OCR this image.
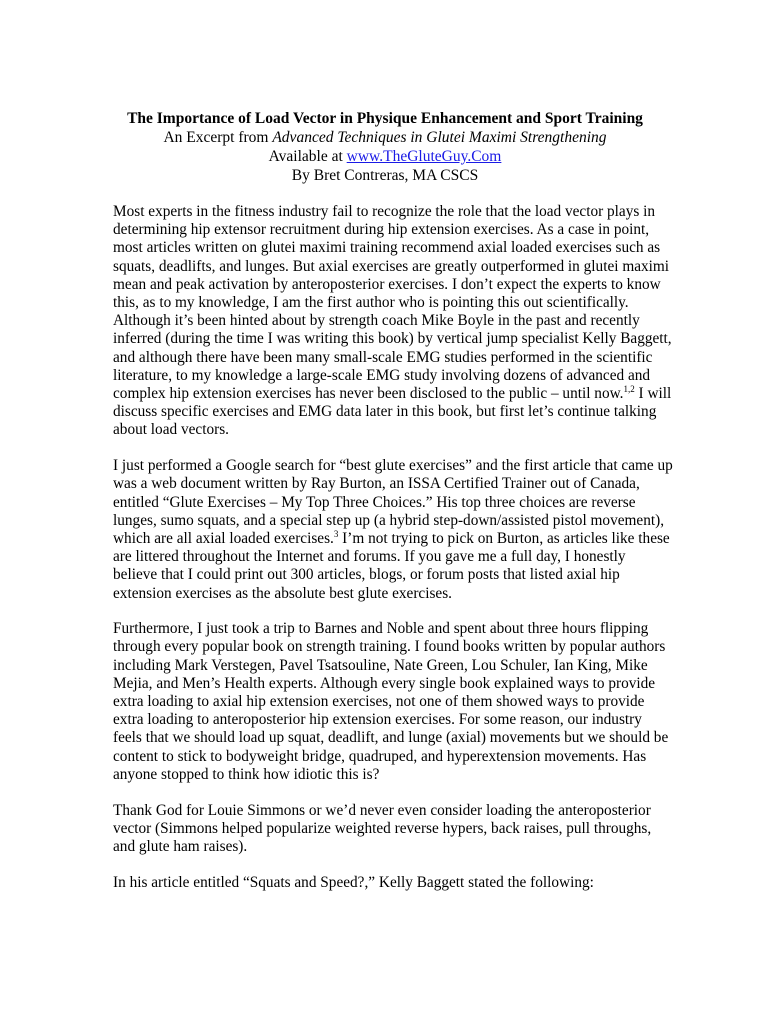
The Importance of Load Vector in Physique Enhancement and Sport Training
An Excerpt from Advanced Techniques in Glutei Maximi Strengthening
Available at www.TheGluteGuy.Com
By Bret Contreras, MA CSCS

Most experts in the fitness industry fail to recognize the role that the load vector plays in determining hip extensor recruitment during hip extension exercises. As a case in point, most articles written on glutei maximi training recommend axial loaded exercises such as squats, deadlifts, and lunges. But axial exercises are greatly outperformed in glutei maximi mean and peak activation by anteroposterior exercises. I don’t expect the experts to know this, as to my knowledge, I am the first author who is pointing this out scientifically. Although it’s been hinted about by strength coach Mike Boyle in the past and recently inferred (during the time I was writing this book) by vertical jump specialist Kelly Baggett, and although there have been many small-scale EMG studies performed in the scientific literature, to my knowledge a large-scale EMG study involving dozens of advanced and complex hip extension exercises has never been disclosed to the public – until now.$^{1,2}$ I will discuss specific exercises and EMG data later in this book, but first let’s continue talking about load vectors.

I just performed a Google search for “best glute exercises” and the first article that came up was a web document written by Ray Burton, an ISSA Certified Trainer out of Canada, entitled “Glute Exercises – My Top Three Choices.” His top three choices are reverse lunges, sumo squats, and a special step up (a hybrid step-down/assisted pistol movement), which are all axial loaded exercises.$^3$ I’m not trying to pick on Burton, as articles like these are littered throughout the Internet and forums. If you gave me a full day, I honestly believe that I could print out 300 articles, blogs, or forum posts that listed axial hip extension exercises as the absolute best glute exercises.

Furthermore, I just took a trip to Barnes and Noble and spent about three hours flipping through every popular book on strength training. I found books written by popular authors including Mark Verstegen, Pavel Tsatsouline, Nate Green, Lou Schuler, Ian King, Mike Mejia, and Men’s Health experts. Although every single book explained ways to provide extra loading to axial hip extension exercises, not one of them showed ways to provide extra loading to anteroposterior hip extension exercises. For some reason, our industry feels that we should load up squat, deadlift, and lunge (axial) movements but we should be content to stick to bodyweight bridge, quadruped, and hyperextension movements. Has anyone stopped to think how idiotic this is?

Thank God for Louie Simmons or we’d never even consider loading the anteroposterior vector (Simmons helped popularize weighted reverse hypers, back raises, pull throughs, and glute ham raises).

In his article entitled “Squats and Speed?,” Kelly Baggett stated the following:
